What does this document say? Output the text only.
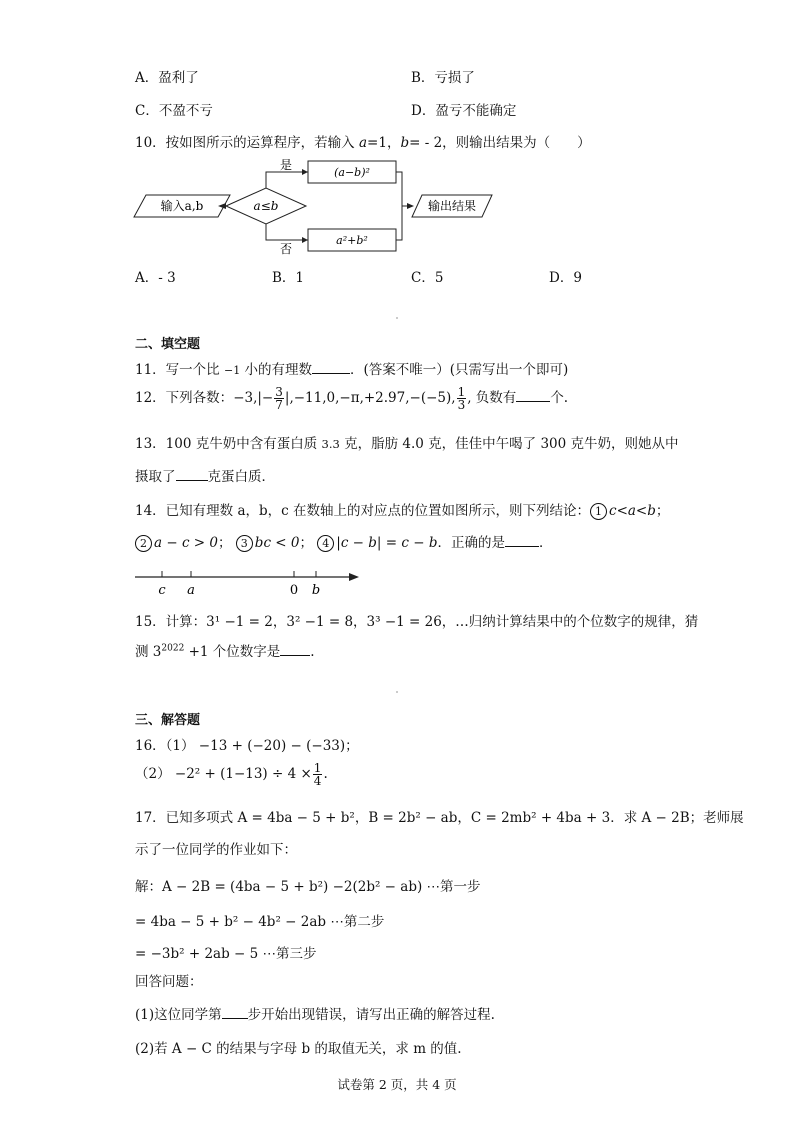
A．盈利了	B．亏损了
C．不盈不亏	D．盈亏不能确定
10．按如图所示的运算程序，若输入 a=1，b= - 2，则输出结果为（　　）
输入a,b	a≤b
(a−b)²
a²+b²
输出结果
是
否
A．- 3	B．1	C．5	D．9
二、填空题
11．写一个比 −1 小的有理数	．(答案不唯一）(只需写出一个即可)
12．下列各数：$-3,|- \frac{3}{7} |,-11,0,-\pi,+2.97,-(-5)$, $\frac{1}{3}$ , 负数有	个.
13．100 克牛奶中含有蛋白质 3.3 克，脂肪 4.0 克，佳佳中午喝了 300 克牛奶，则她从中
摄取了 克蛋白质．
14．已知有理数 a，b，c 在数轴上的对应点的位置如图所示，则下列结论： 1 c<a<b；
2 a − c > 0； 3 bc < 0； 4 |c − b| = c − b．正确的是	．
c a	0 b
15．计算：3¹ −1 = 2，3² −1 = 8，3³ −1 = 26，…归纳计算结果中的个位数字的规律，猜
测 $3^{2022} +1$ 个位数字是 .
三、解答题
16．（1） −13 + (−20) − (−33)；
$(2) -2^2 + (1-13) \div 4 \times \frac{1}{4}$ .
17．已知多项式 A = 4ba − 5 + b²，B = 2b² − ab，C = 2mb² + 4ba + 3．求 A − 2B；老师展
示了一位同学的作业如下：
解：A − 2B = (4ba − 5 + b²) −2(2b² − ab) ⋯第一步
= 4ba − 5 + b² − 4b² − 2ab ⋯第二步
= −3b² + 2ab − 5 ⋯第三步
回答问题：
(1)这位同学第 步开始出现错误，请写出正确的解答过程.
(2)若 A − C 的结果与字母 b 的取值无关，求 m 的值.
试卷第 2 页，共 4 页
